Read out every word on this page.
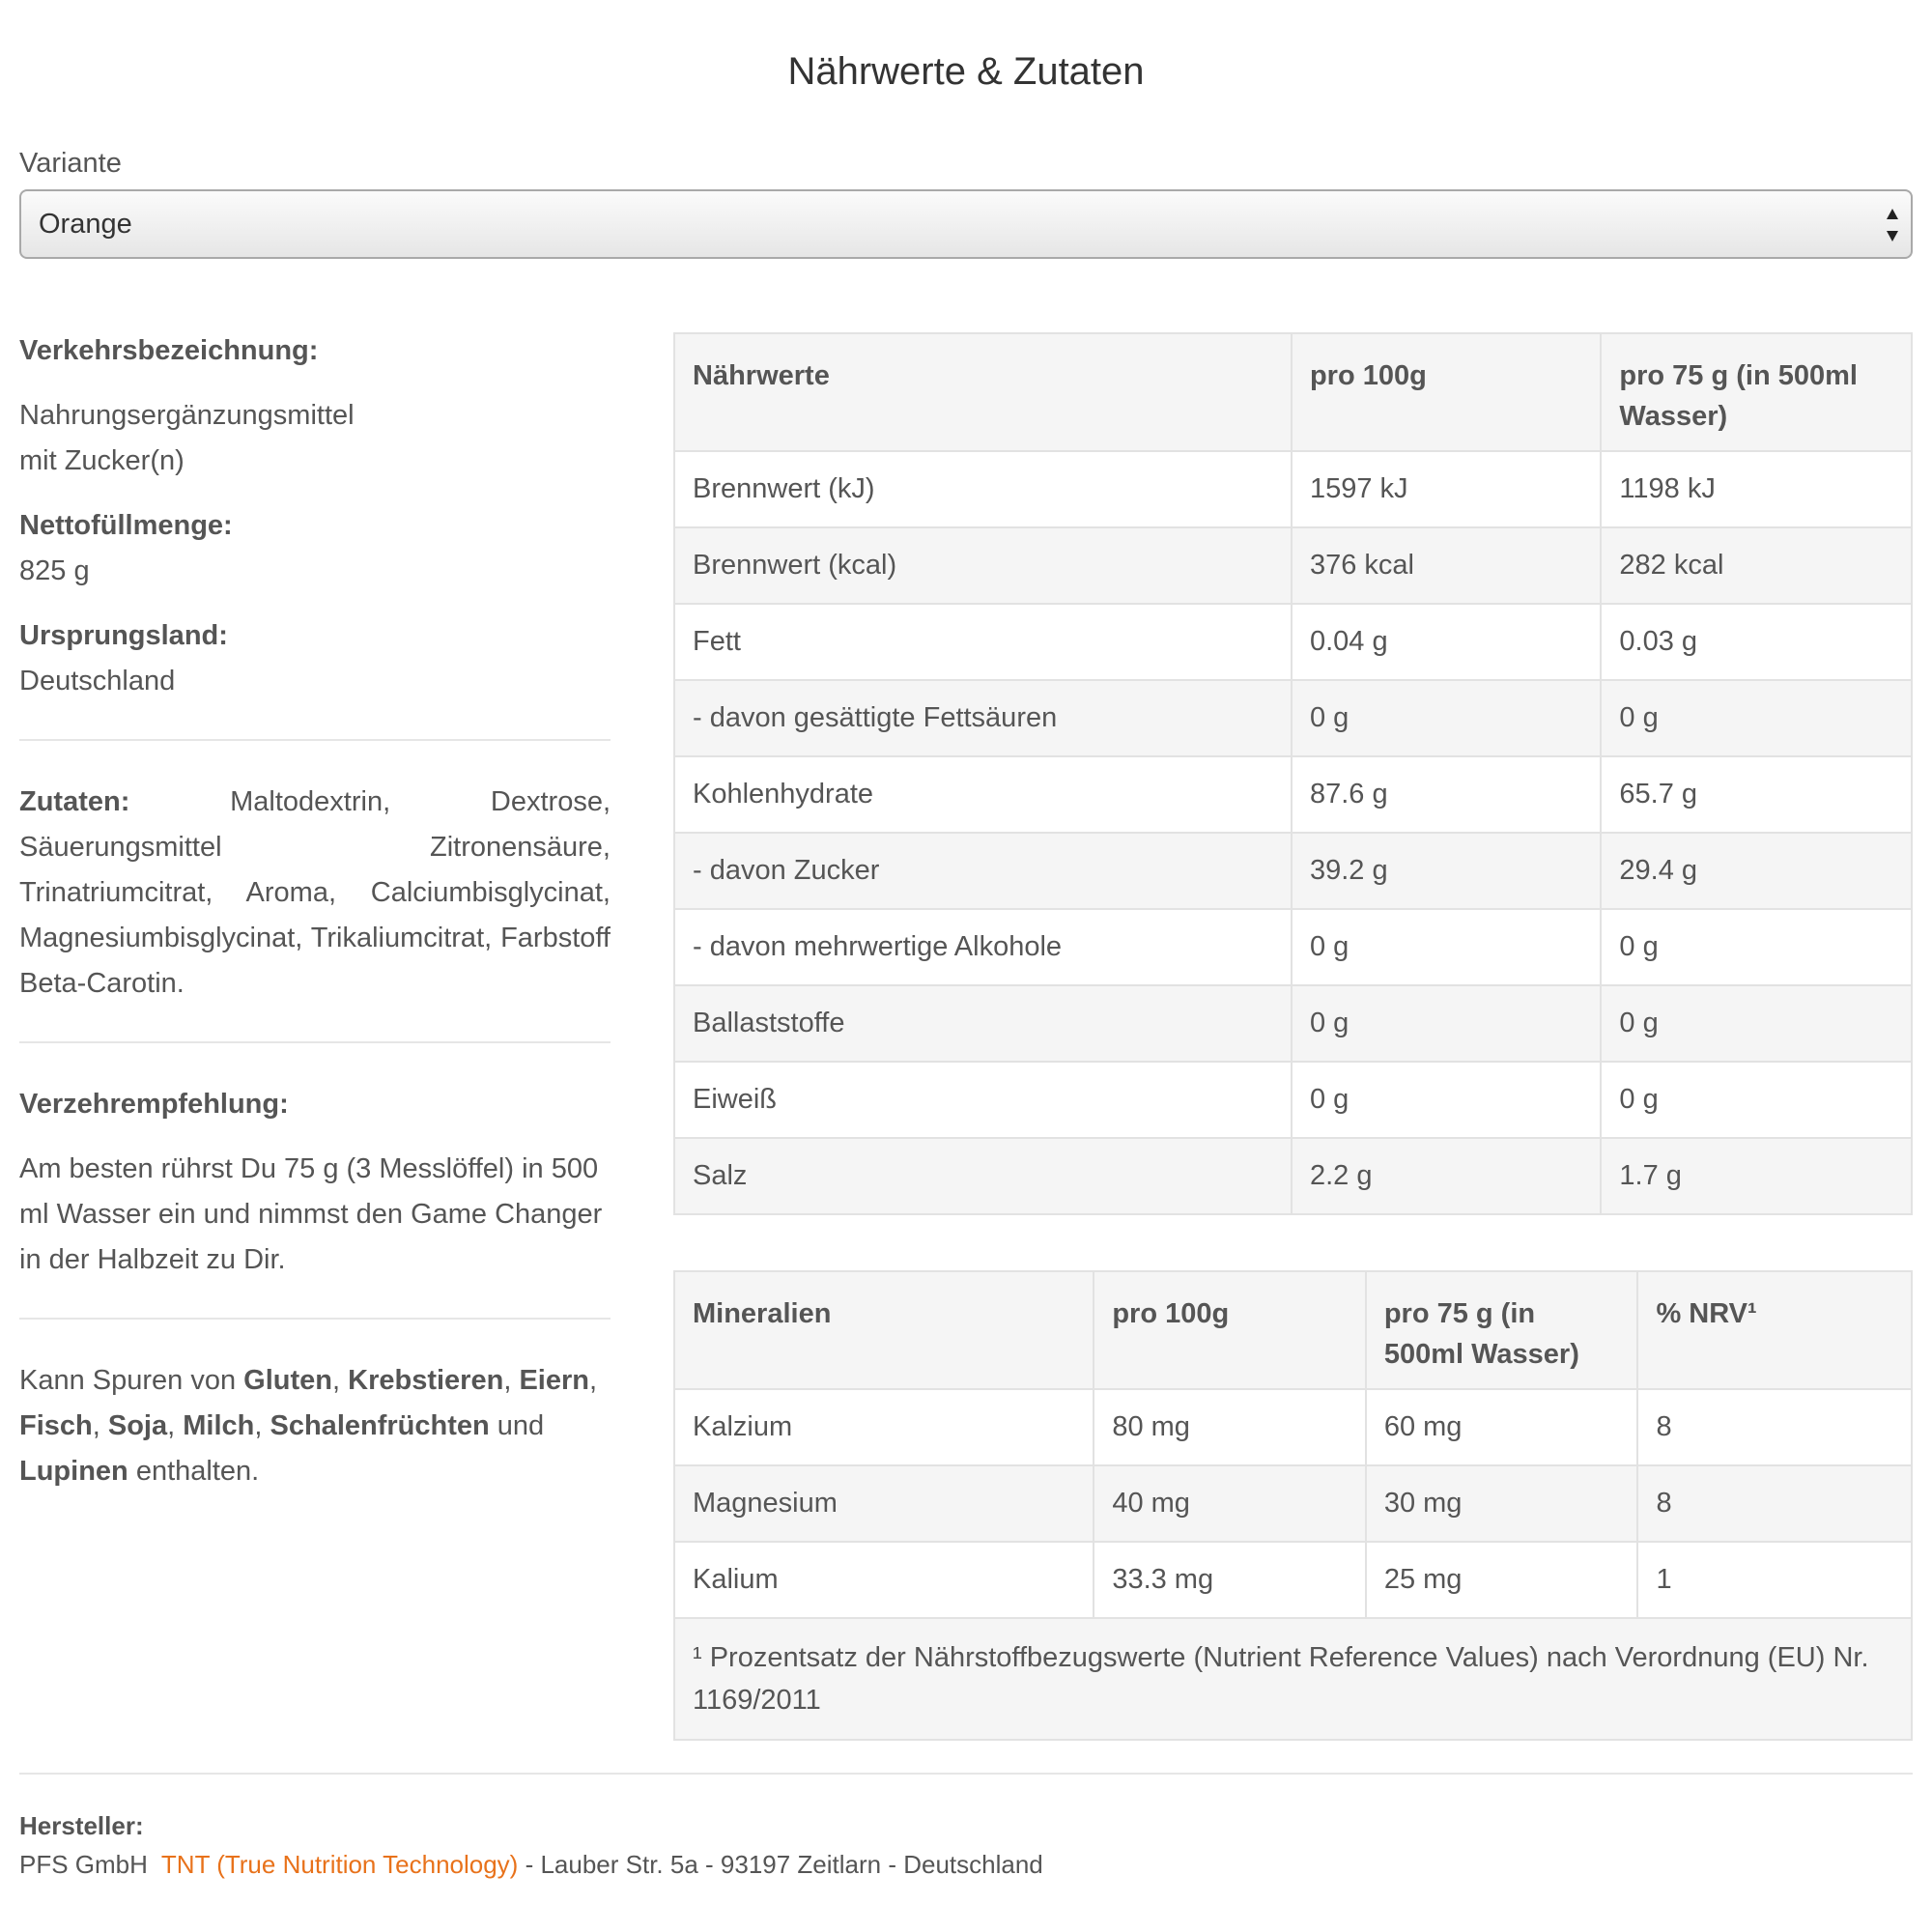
Nährwerte & Zutaten
Variante
Orange
Verkehrsbezeichnung:
Nahrungsergänzungsmittel
mit Zucker(n)
Nettofüllmenge:
825 g
Ursprungsland:
Deutschland
Zutaten:	Maltodextrin, Dextrose, Säuerungsmittel Zitronensäure, Trinatriumcitrat, Aroma, Calciumbisglycinat, Magnesiumbisglycinat, Trikaliumcitrat, Farbstoff Beta-Carotin.
Verzehrempfehlung:
Am besten rührst Du 75 g (3 Messlöffel) in 500 ml Wasser ein und nimmst den Game Changer in der Halbzeit zu Dir.
Kann Spuren von Gluten, Krebstieren, Eiern, Fisch, Soja, Milch, Schalenfrüchten und Lupinen enthalten.
Nährwerte	pro 100g	pro 75 g (in 500ml Wasser)
Brennwert (kJ)	1597 kJ	1198 kJ
Brennwert (kcal)	376 kcal	282 kcal
Fett	0.04 g	0.03 g
- davon gesättigte Fettsäuren	0 g	0 g
Kohlenhydrate	87.6 g	65.7 g
- davon Zucker	39.2 g	29.4 g
- davon mehrwertige Alkohole	0 g	0 g
Ballaststoffe	0 g	0 g
Eiweiß	0 g	0 g
Salz	2.2 g	1.7 g
Mineralien	pro 100g	pro 75 g (in 500ml Wasser)	% NRV¹
Kalzium	80 mg	60 mg	8
Magnesium	40 mg	30 mg	8
Kalium	33.3 mg	25 mg	1
¹ Prozentsatz der Nährstoffbezugswerte (Nutrient Reference Values) nach Verordnung (EU) Nr. 1169/2011			
Hersteller:
PFS GmbH TNT (True Nutrition Technology) - Lauber Str. 5a - 93197 Zeitlarn - Deutschland
